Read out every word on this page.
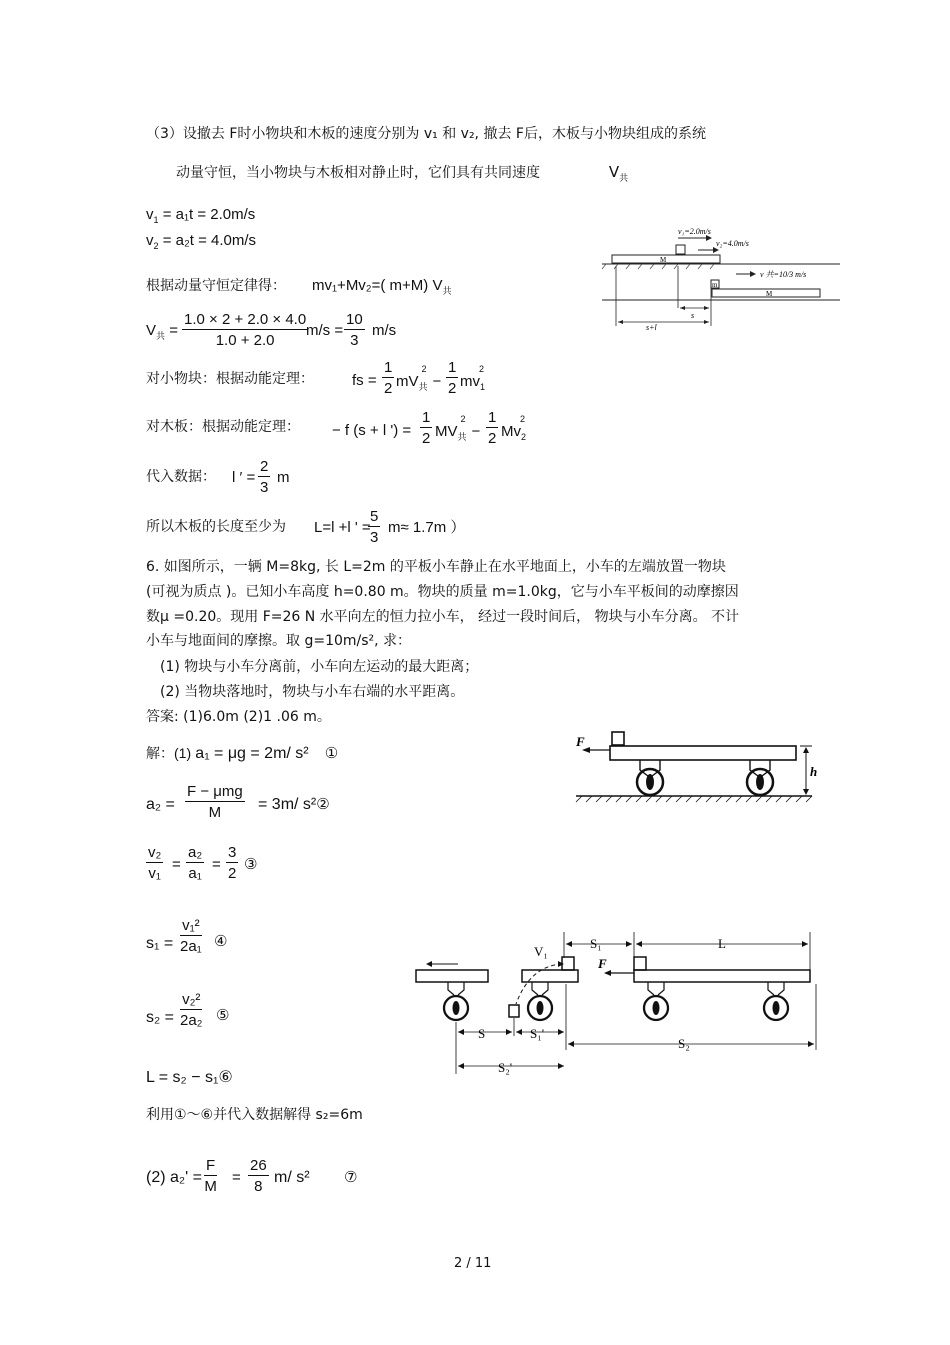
（3）设撤去 F时小物块和木板的速度分别为 v₁ 和 v₂, 撤去 F后，木板与小物块组成的系统
动量守恒，当小物块与木板相对静止时，它们具有共同速度	$V_共$
$v_1 = a_1t = 2.0m/s$
$v_2 = a_2t = 4.0m/s$
根据动量守恒定律得： mv₁+Mv₂=( m+M) $V_共$
$V_共 = \frac{1.0 \times 2 + 2.0 \times 4.0}{1.0 + 2.0}$
$m/s = \frac{10}{3} m/s$
对小物块：根据动能定理：	fs = $\frac{1}{2} mV_共^2- \frac{1}{2} mv_1^2$
对木板：根据动能定理： − f (s + l ') = $\frac{1}{2} MV_共^2- \frac{1}{2} Mv_2^2$
代入数据： l ′ = $\frac{2}{3}$ m
所以木板的长度至少为 L=l +l ' =
$\frac{5}{3} m\approx 1.7m$ ）
M
v₁=2.0m/s
v₂=4.0m/s
m
M
v 共=10/3 m/s
s
s+l
6. 如图所示，一辆 M=8kg, 长 L=2m 的平板小车静止在水平地面上，小车的左端放置一物块
(可视为质点 )。已知小车高度 h=0.80 m。物块的质量 m=1.0kg，它与小车平板间的动摩擦因
数μ =0.20。现用 F=26 N 水平向左的恒力拉小车， 经过一段时间后， 物块与小车分离。 不计
小车与地面间的摩擦。取 g=10m/s², 求：
(1) 物块与小车分离前，小车向左运动的最大距离；
(2) 当物块落地时，物块与小车右端的水平距离。
答案: (1)6.0m (2)1 .06 m。
解：(1) a₁ = μg = 2m/ s² ①
a₂ =
F − μmg
M = 3m/ s²②
$\frac{\text{v₂}}{\text{v₁}} = \frac{\text{a₂}}{\text{a₁}} = \frac{3}{2}$ ③
$s_1 = \frac{\text{v₁²}}{\text{2a₁}}$ ④
$s_2 = \frac{\text{v₂²}}{\text{2a₂}}$ ⑤
L = s₂ − s₁⑥
利用①～⑥并代入数据解得 s₂=6m
(2) $a_2' = \frac{F}{M} = \frac{26}{8} m/$ s² ⑦
F
h
V₁
F
S₁	L
S	S₁'
S₂
S₂'
2 / 11
